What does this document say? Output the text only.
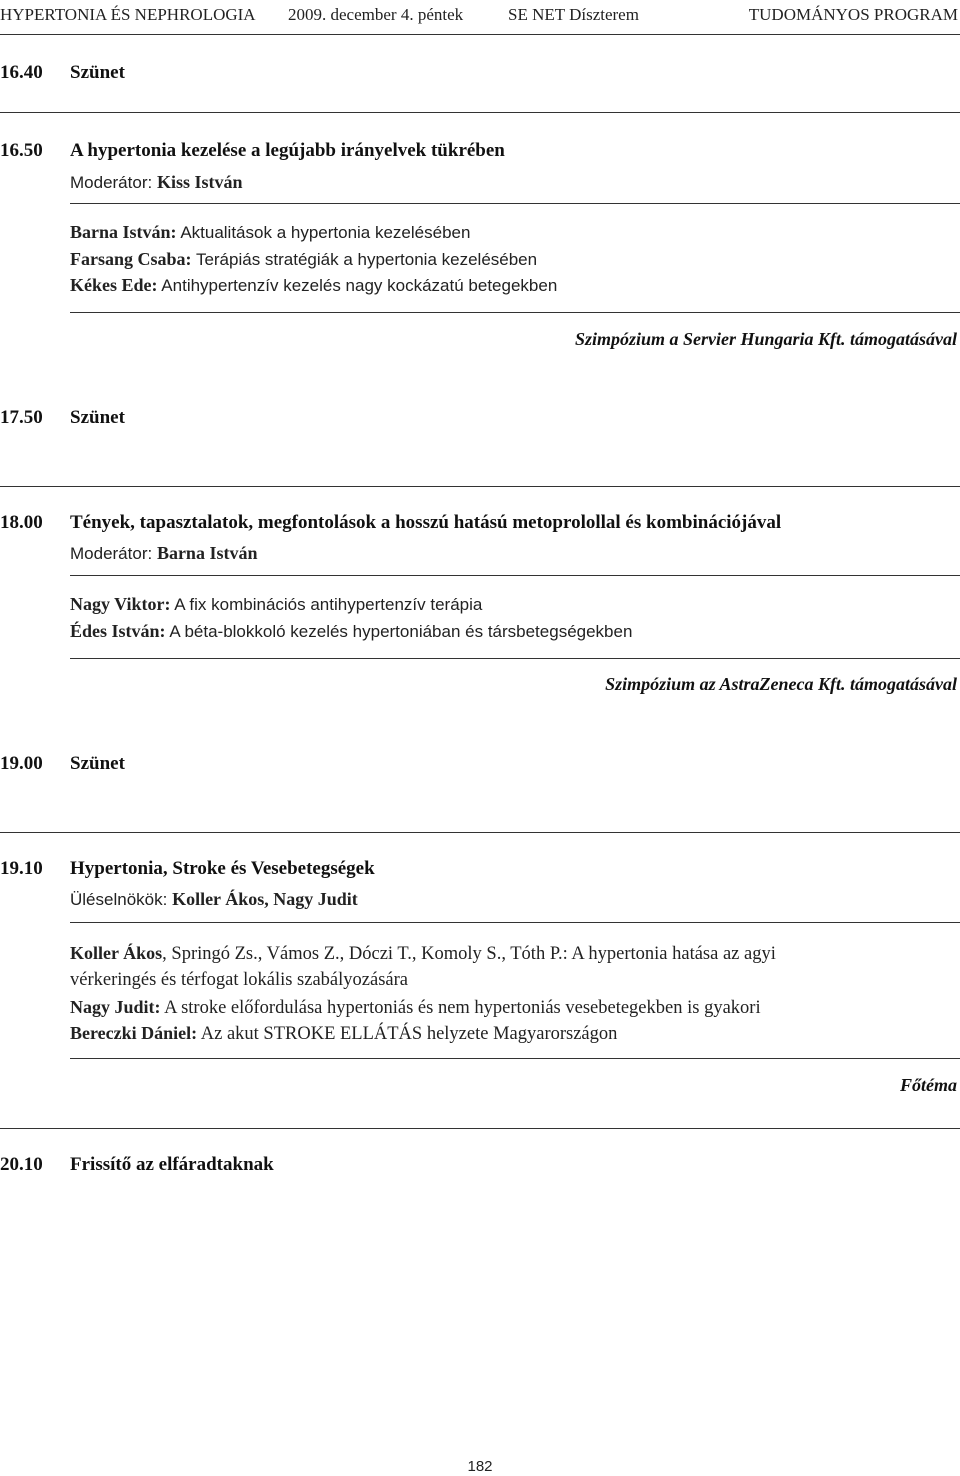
HYPERTONIA ÉS NEPHROLOGIA 2009. december 4. péntek	SE NET Díszterem	TUDOMÁNYOS PROGRAM
16.40 Szünet
16.50 A hypertonia kezelése a legújabb irányelvek tükrében
Moderátor: Kiss István
Barna István: Aktualitások a hypertonia kezelésében
Farsang Csaba: Terápiás stratégiák a hypertonia kezelésében
Kékes Ede: Antihypertenzív kezelés nagy kockázatú betegekben
Szimpózium a Servier Hungaria Kft. támogatásával
17.50 Szünet
18.00 Tények, tapasztalatok, megfontolások a hosszú hatású metoprolollal és kombinációjával
Moderátor: Barna István
Nagy Viktor: A fix kombinációs antihypertenzív terápia
Édes István: A béta-blokkoló kezelés hypertoniában és társbetegségekben
Szimpózium az AstraZeneca Kft. támogatásával
19.00 Szünet
19.10 Hypertonia, Stroke és Vesebetegségek
Üléselnökök: Koller Ákos, Nagy Judit
Koller Ákos, Springó Zs., Vámos Z., Dóczi T., Komoly S., Tóth P.: A hypertonia hatása az agyi
vérkeringés és térfogat lokális szabályozására
Nagy Judit: A stroke előfordulása hypertoniás és nem hypertoniás vesebetegekben is gyakori
Bereczki Dániel: Az akut STROKE ELLÁTÁS helyzete Magyarországon
Főtéma
20.10 Frissítő az elfáradtaknak
182
